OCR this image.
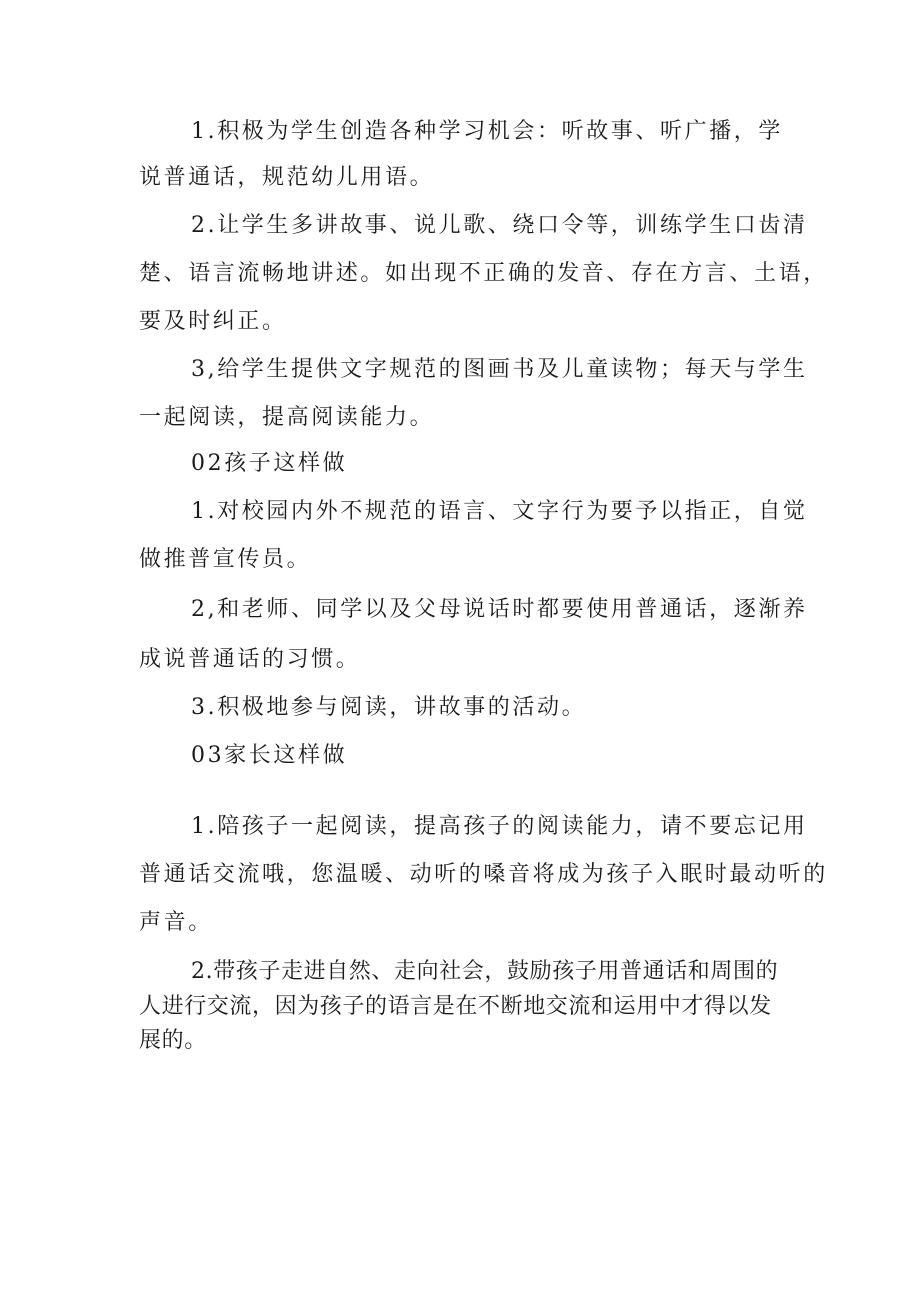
1.积极为学生创造各种学习机会：听故事、听广播，学
说普通话，规范幼儿用语。
2.让学生多讲故事、说儿歌、绕口令等，训练学生口齿清
楚、语言流畅地讲述。如出现不正确的发音、存在方言、土语，
要及时纠正。
3,给学生提供文字规范的图画书及儿童读物；每天与学生
一起阅读，提高阅读能力。
02孩子这样做
1.对校园内外不规范的语言、文字行为要予以指正，自觉
做推普宣传员。
2,和老师、同学以及父母说话时都要使用普通话，逐渐养
成说普通话的习惯。
3.积极地参与阅读，讲故事的活动。
03家长这样做
1.陪孩子一起阅读，提高孩子的阅读能力，请不要忘记用
普通话交流哦，您温暖、动听的嗓音将成为孩子入眠时最动听的
声音。
2.带孩子走进自然、走向社会，鼓励孩子用普通话和周围的
人进行交流，因为孩子的语言是在不断地交流和运用中才得以发
展的。
